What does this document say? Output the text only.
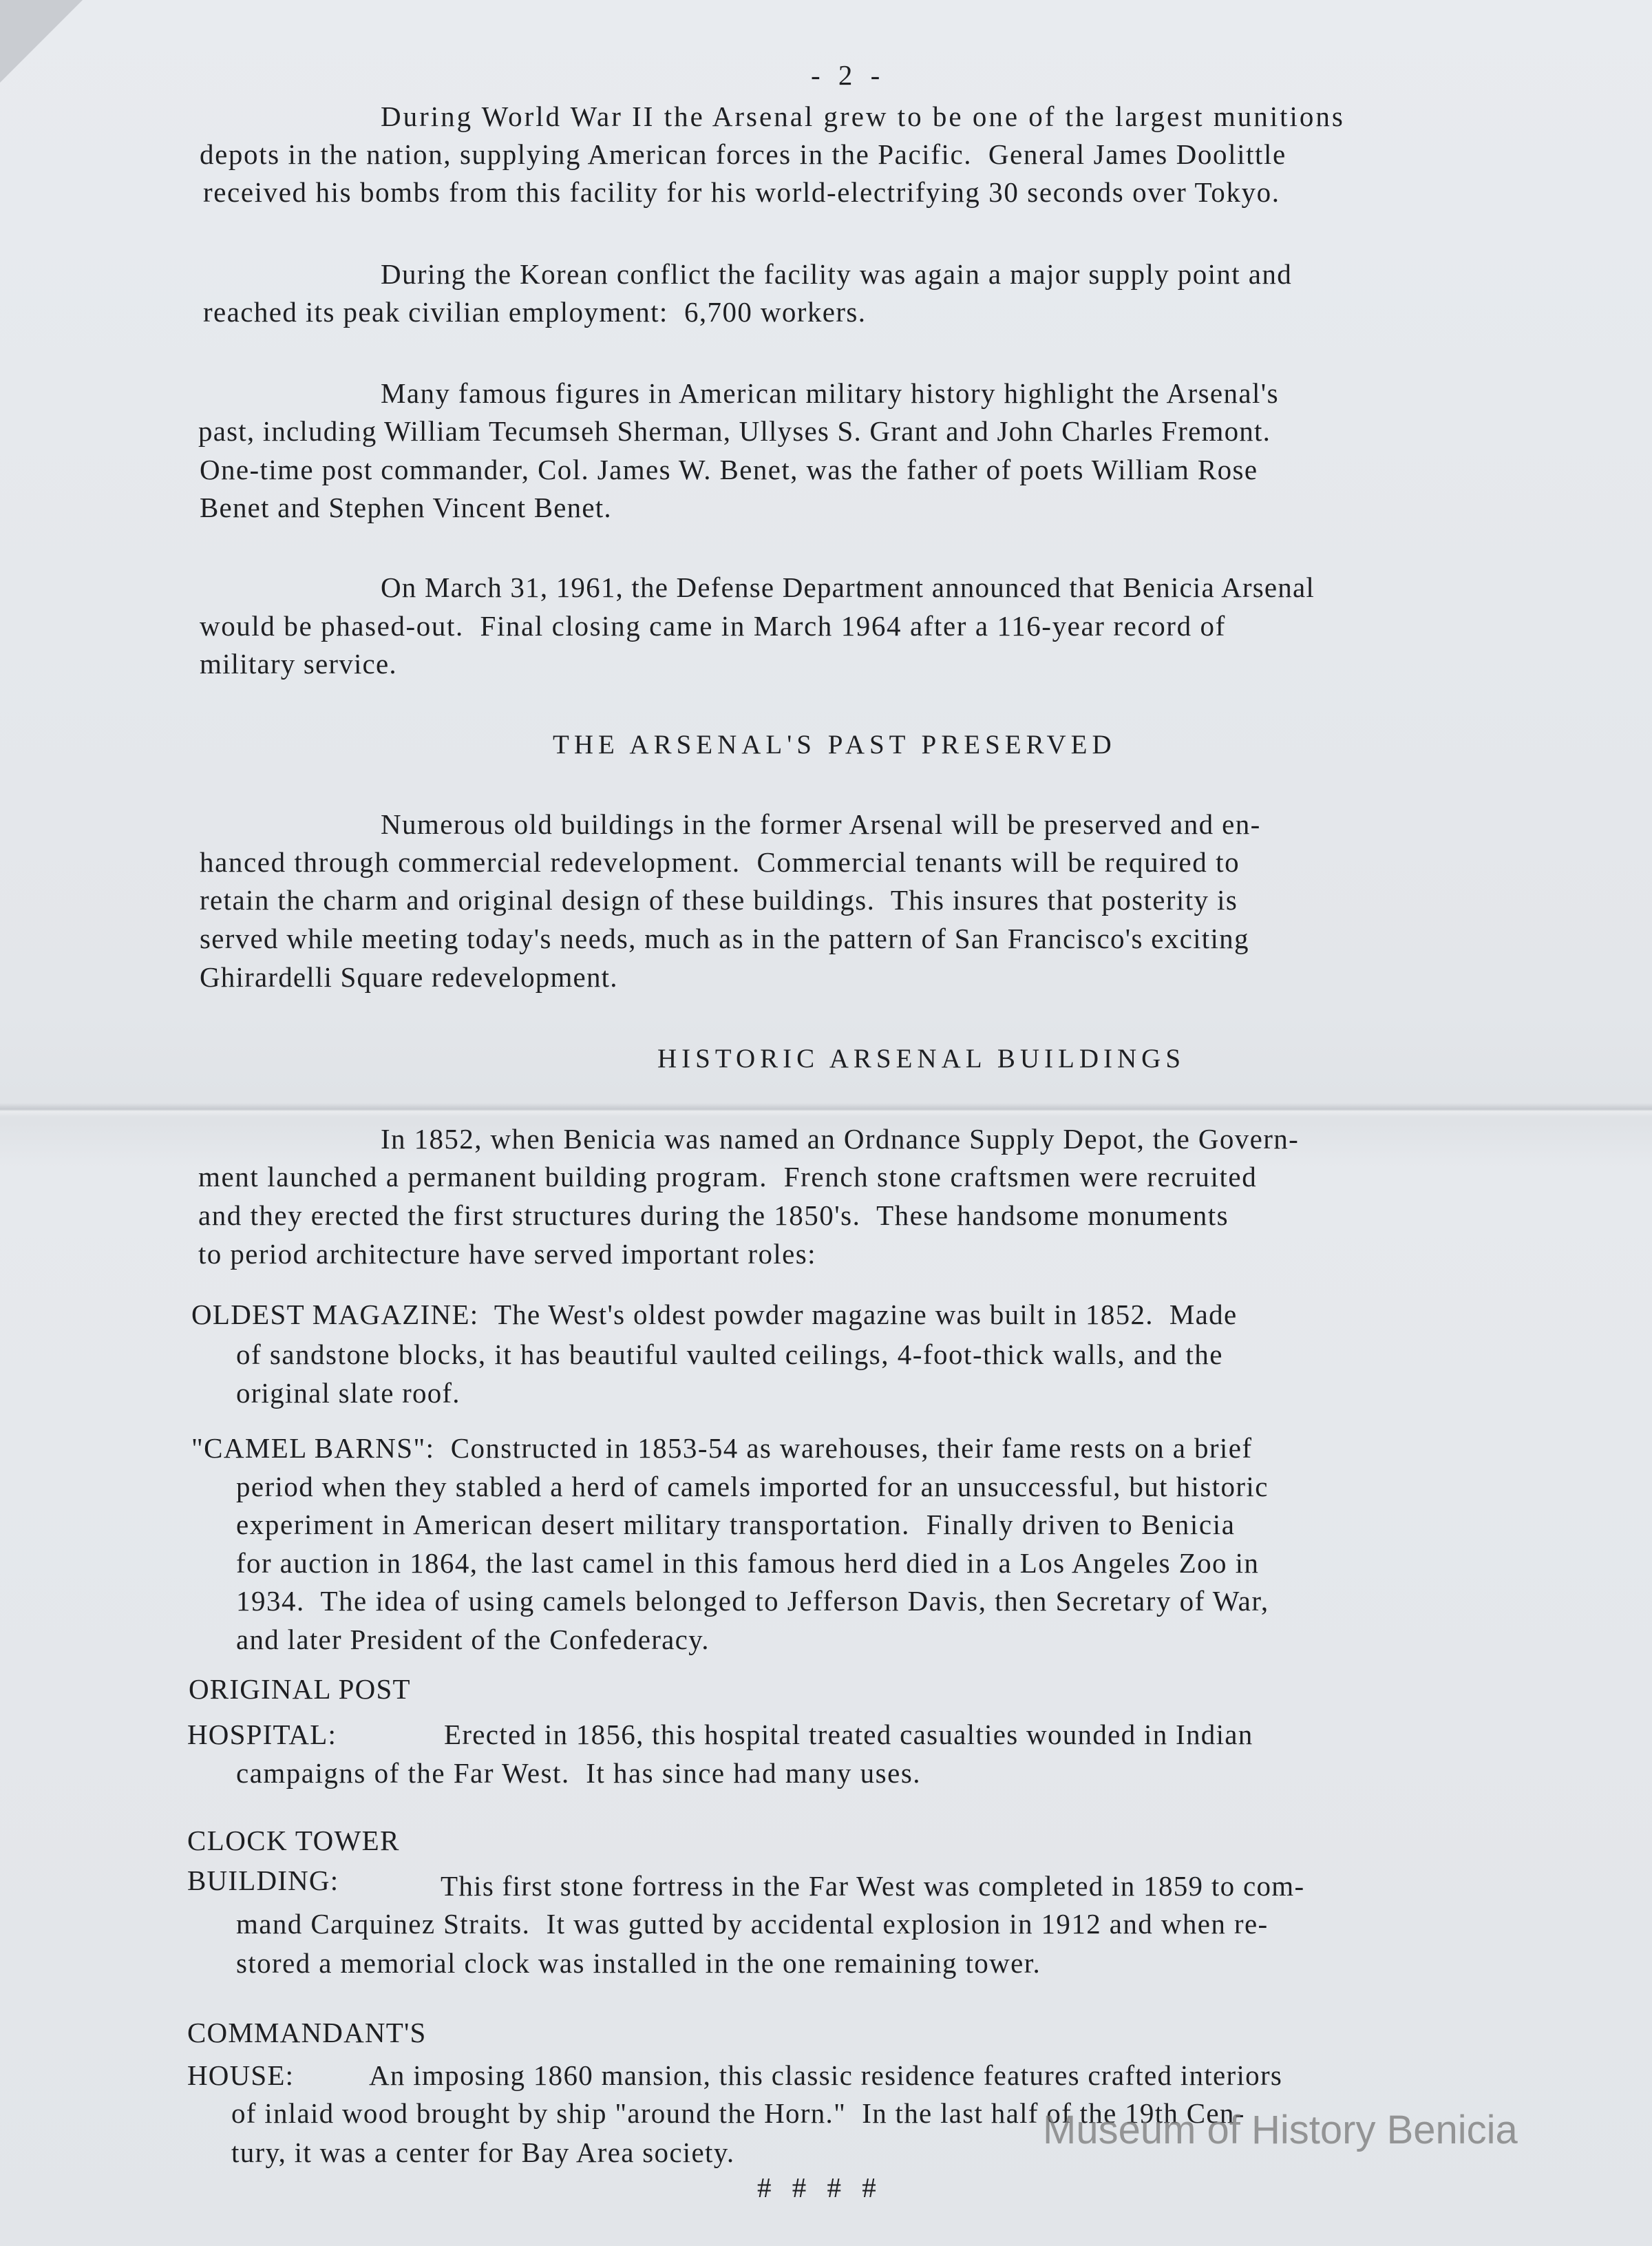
- 2 -
During World War II the Arsenal grew to be one of the largest munitions
depots in the nation, supplying American forces in the Pacific.  General James Doolittle
received his bombs from this facility for his world-electrifying 30 seconds over Tokyo.
During the Korean conflict the facility was again a major supply point and
reached its peak civilian employment:  6,700 workers.
Many famous figures in American military history highlight the Arsenal's
past, including William Tecumseh Sherman, Ullyses S. Grant and John Charles Fremont.
One-time post commander, Col. James W. Benet, was the father of poets William Rose
Benet and Stephen Vincent Benet.
On March 31, 1961, the Defense Department announced that Benicia Arsenal
would be phased-out.  Final closing came in March 1964 after a 116-year record of
military service.
THE ARSENAL'S PAST PRESERVED
Numerous old buildings in the former Arsenal will be preserved and en-
hanced through commercial redevelopment.  Commercial tenants will be required to
retain the charm and original design of these buildings.  This insures that posterity is
served while meeting today's needs, much as in the pattern of San Francisco's exciting
Ghirardelli Square redevelopment.
HISTORIC ARSENAL BUILDINGS
In 1852, when Benicia was named an Ordnance Supply Depot, the Govern-
ment launched a permanent building program.  French stone craftsmen were recruited
and they erected the first structures during the 1850's.  These handsome monuments
to period architecture have served important roles:
OLDEST MAGAZINE:  The West's oldest powder magazine was built in 1852.  Made
of sandstone blocks, it has beautiful vaulted ceilings, 4-foot-thick walls, and the
original slate roof.
"CAMEL BARNS":  Constructed in 1853-54 as warehouses, their fame rests on a brief
period when they stabled a herd of camels imported for an unsuccessful, but historic
experiment in American desert military transportation.  Finally driven to Benicia
for auction in 1864, the last camel in this famous herd died in a Los Angeles Zoo in
1934.  The idea of using camels belonged to Jefferson Davis, then Secretary of War,
and later President of the Confederacy.
ORIGINAL POST
HOSPITAL:	Erected in 1856, this hospital treated casualties wounded in Indian
campaigns of the Far West.  It has since had many uses.
CLOCK TOWER
BUILDING:	This first stone fortress in the Far West was completed in 1859 to com-
mand Carquinez Straits.  It was gutted by accidental explosion in 1912 and when re-
stored a memorial clock was installed in the one remaining tower.
COMMANDANT'S
HOUSE:	An imposing 1860 mansion, this classic residence features crafted interiors
of inlaid wood brought by ship "around the Horn."  In the last half of the 19th Cen-
tury, it was a center for Bay Area society.
# # # #
Museum of History Benicia
